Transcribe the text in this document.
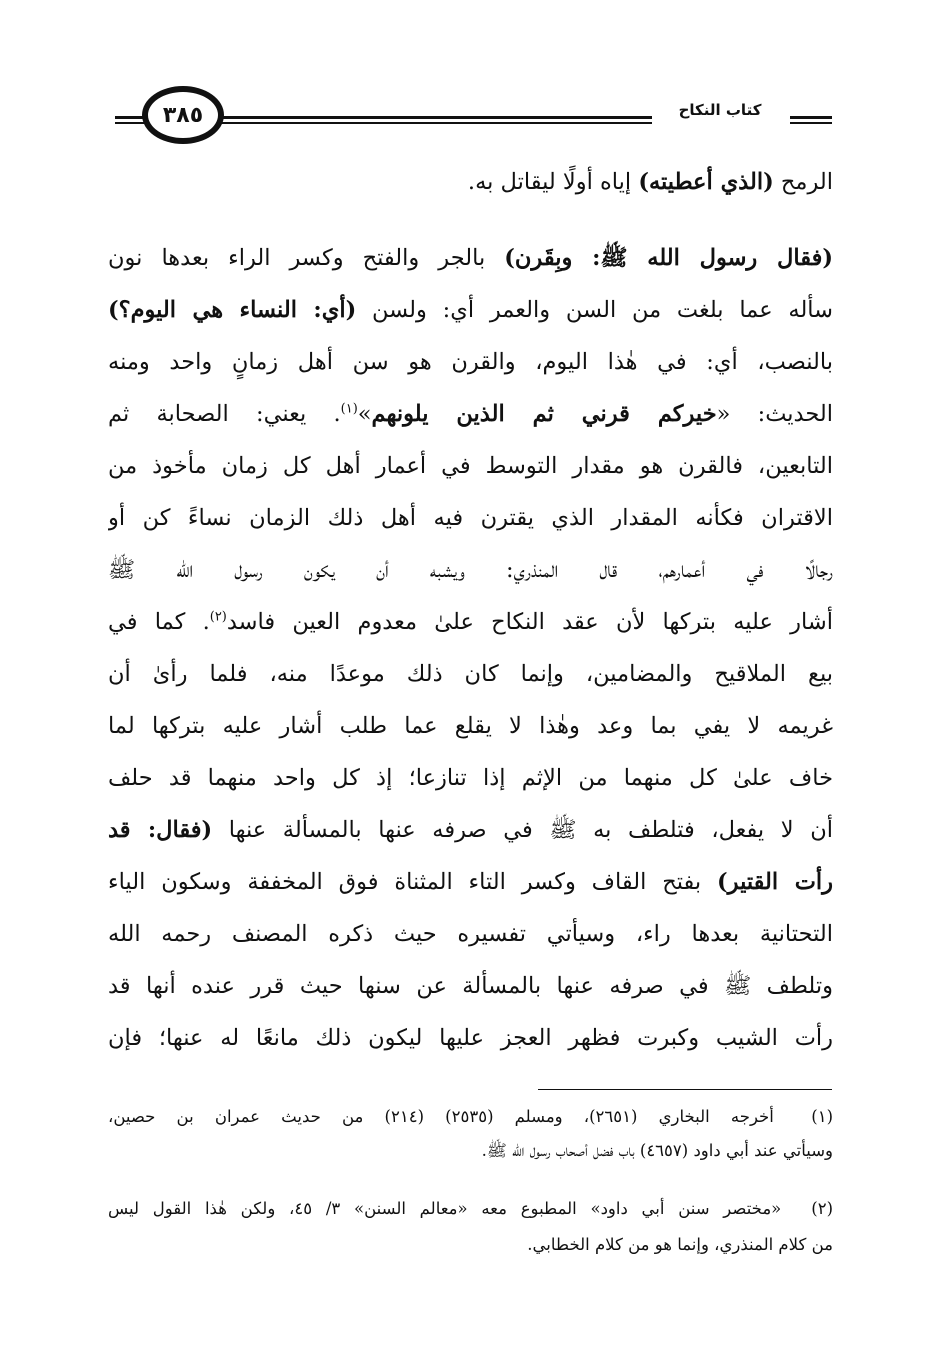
كتاب النكاح
٣٨٥
الرمح (الذي أعطيته) إياه أولًا ليقاتل به.
(فقال رسول الله ﷺ: وبِقَرن) بالجر والفتح وكسر الراء بعدها نون
سأله عما بلغت من السن والعمر أي: ولسن (أي: النساء هي اليوم؟)
بالنصب، أي: في هٰذا اليوم، والقرن هو سن أهل زمانٍ واحد ومنه
الحديث: «خيركم قرني ثم الذين يلونهم»$^{(١)}$. يعني: الصحابة ثم
التابعين، فالقرن هو مقدار التوسط في أعمار أهل كل زمان مأخوذ من
الاقتران فكأنه المقدار الذي يقترن فيه أهل ذلك الزمان نساءً كن أو
رجالًا في أعمارهم، قال المنذري: ويشبه أن يكون رسول الله ﷺ
أشار عليه بتركها لأن عقد النكاح علىٰ معدوم العين فاسد$^{(٢)}$. كما في
بيع الملاقيح والمضامين، وإنما كان ذلك موعدًا منه، فلما رأىٰ أن
غريمه لا يفي بما وعد وهٰذا لا يقلع عما طلب أشار عليه بتركها لما
خاف علىٰ كل منهما من الإثم إذا تنازعا؛ إذ كل واحد منهما قد حلف
أن لا يفعل، فتلطف به ﷺ في صرفه عنها بالمسألة عنها (فقال: قد
رأت القتير) بفتح القاف وكسر التاء المثناة فوق المخففة وسكون الياء
التحتانية بعدها راء، وسيأتي تفسيره حيث ذكره المصنف رحمه الله
وتلطف ﷺ في صرفه عنها بالمسألة عن سنها حيث قرر عنده أنها قد
رأت الشيب وكبرت فظهر العجز عليها ليكون ذلك مانعًا له عنها؛ فإن
(١) أخرجه البخاري (٢٦٥١)، ومسلم (٢٥٣٥) (٢١٤) من حديث عمران بن حصين،
وسيأتي عند أبي داود (٤٦٥٧) باب فضل أصحاب رسول الله ﷺ.
(٢) «مختصر سنن أبي داود» المطبوع معه «معالم السنن» ٣/ ٤٥، ولكن هٰذا القول ليس
من كلام المنذري، وإنما هو من كلام الخطابي.
